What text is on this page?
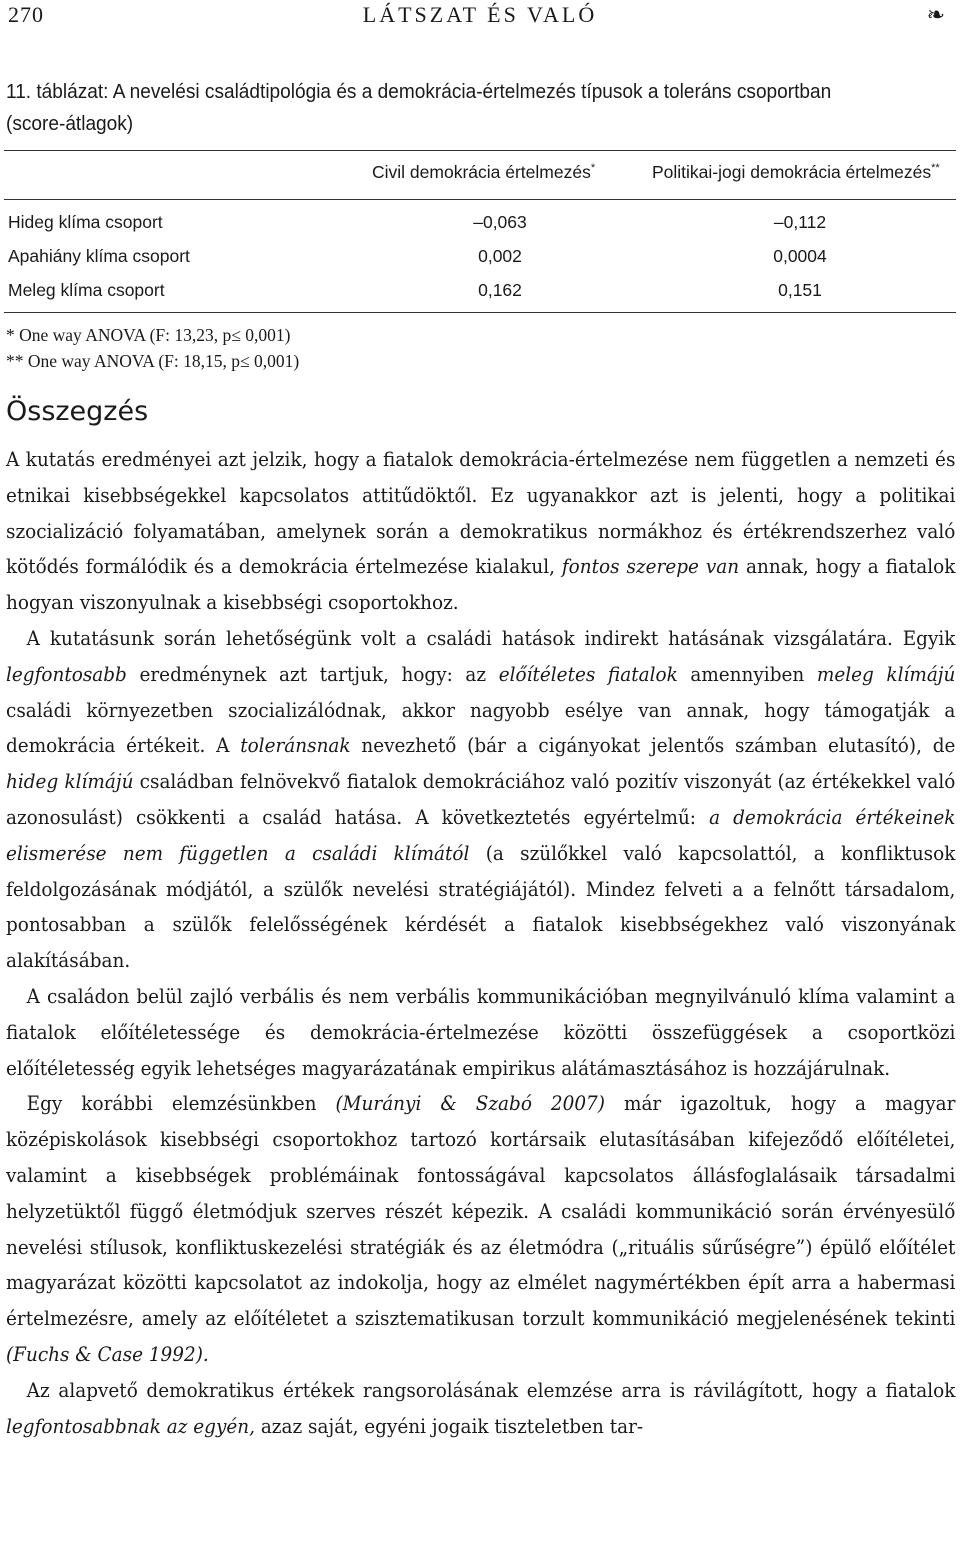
270	LÁTSZAT ÉS VALÓ	❧
11. táblázat: A nevelési családtipológia és a demokrácia-értelmezés típusok a toleráns csoportban (score-átlagok)
Civil demokrácia értelmezés*	Politikai-jogi demokrácia értelmezés**
Hideg klíma csoport	–0,063	–0,112
Apahiány klíma csoport	0,002	0,0004
Meleg klíma csoport	0,162	0,151
* One way ANOVA (F: 13,23, p≤ 0,001)
** One way ANOVA (F: 18,15, p≤ 0,001)
Összegzés

A kutatás eredményei azt jelzik, hogy a fiatalok demokrácia-értelmezése nem független a nemzeti és etnikai kisebbségekkel kapcsolatos attitűdöktől. Ez ugyanakkor azt is jelenti, hogy a politikai szocializáció folyamatában, amelynek során a demokratikus normákhoz és értékrendszerhez való kötődés formálódik és a demokrácia értelmezése kialakul, fontos szerepe van annak, hogy a fiatalok hogyan viszonyulnak a kisebbségi csoportokhoz.

A kutatásunk során lehetőségünk volt a családi hatások indirekt hatásának vizsgálatára. Egyik legfontosabb eredménynek azt tartjuk, hogy: az előítéletes fiatalok amennyiben meleg klímájú családi környezetben szocializálódnak, akkor nagyobb esélye van annak, hogy támogatják a demokrácia értékeit. A toleránsnak nevezhető (bár a cigányokat jelentős számban elutasító), de hideg klímájú családban felnövekvő fiatalok demokráciához való pozitív viszonyát (az értékekkel való azonosulást) csökkenti a család hatása. A következtetés egyértelmű: a demokrácia értékeinek elismerése nem független a családi klímától (a szülőkkel való kapcsolattól, a konfliktusok feldolgozásának módjától, a szülők nevelési stratégiájától). Mindez felveti a a felnőtt társadalom, pontosabban a szülők felelősségének kérdését a fiatalok kisebbségekhez való viszonyának alakításában.

A családon belül zajló verbális és nem verbális kommunikációban megnyilvánuló klíma valamint a fiatalok előítéletessége és demokrácia-értelmezése közötti összefüggések a csoportközi előítéletesség egyik lehetséges magyarázatának empirikus alátámasztásához is hozzájárulnak.

Egy korábbi elemzésünkben (Murányi & Szabó 2007) már igazoltuk, hogy a magyar középiskolások kisebbségi csoportokhoz tartozó kortársaik elutasításában kifejeződő előítéletei, valamint a kisebbségek problémáinak fontosságával kapcsolatos állásfoglalásaik társadalmi helyzetüktől függő életmódjuk szerves részét képezik. A családi kommunikáció során érvényesülő nevelési stílusok, konfliktuskezelési stratégiák és az életmódra („rituális sűrűségre”) épülő előítélet magyarázat közötti kapcsolatot az indokolja, hogy az elmélet nagymértékben épít arra a habermasi értelmezésre, amely az előítéletet a szisztematikusan torzult kommunikáció megjelenésének tekinti (Fuchs & Case 1992).

Az alapvető demokratikus értékek rangsorolásának elemzése arra is rávilágított, hogy a fiatalok legfontosabbnak az egyén, azaz saját, egyéni jogaik tiszteletben tar-
